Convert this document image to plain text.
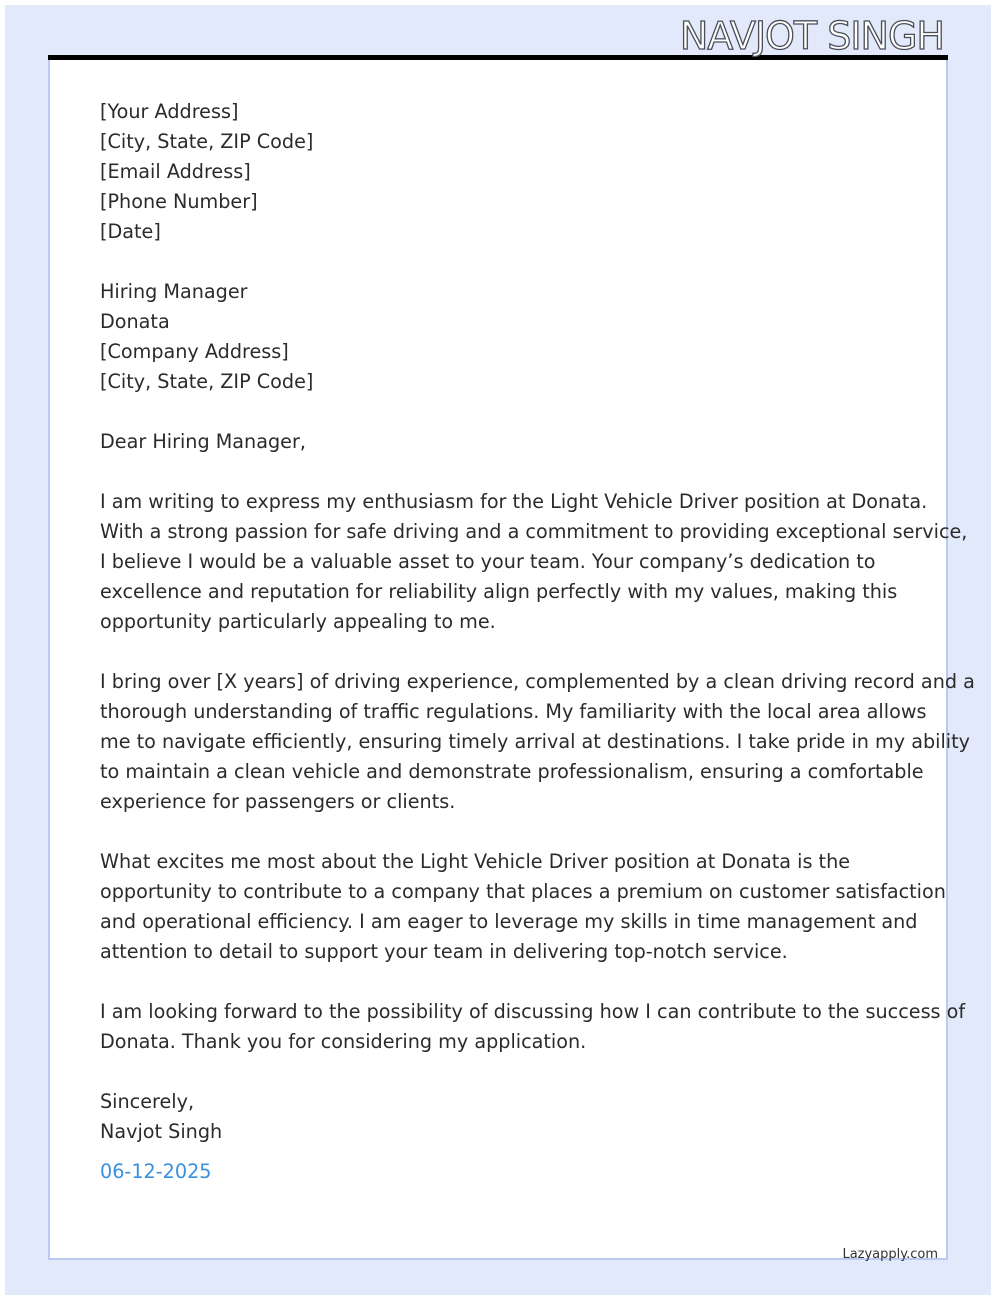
NAVJOT SINGH
[Your Address]
[City, State, ZIP Code]
[Email Address]
[Phone Number]
[Date]
Hiring Manager
Donata
[Company Address]
[City, State, ZIP Code]
Dear Hiring Manager,
I am writing to express my enthusiasm for the Light Vehicle Driver position at Donata.
With a strong passion for safe driving and a commitment to providing exceptional service,
I believe I would be a valuable asset to your team. Your company’s dedication to
excellence and reputation for reliability align perfectly with my values, making this
opportunity particularly appealing to me.
I bring over [X years] of driving experience, complemented by a clean driving record and a
thorough understanding of traffic regulations. My familiarity with the local area allows
me to navigate efficiently, ensuring timely arrival at destinations. I take pride in my ability
to maintain a clean vehicle and demonstrate professionalism, ensuring a comfortable
experience for passengers or clients.
What excites me most about the Light Vehicle Driver position at Donata is the
opportunity to contribute to a company that places a premium on customer satisfaction
and operational efficiency. I am eager to leverage my skills in time management and
attention to detail to support your team in delivering top-notch service.
I am looking forward to the possibility of discussing how I can contribute to the success of
Donata. Thank you for considering my application.
Sincerely,
Navjot Singh
06-12-2025
Lazyapply.com
